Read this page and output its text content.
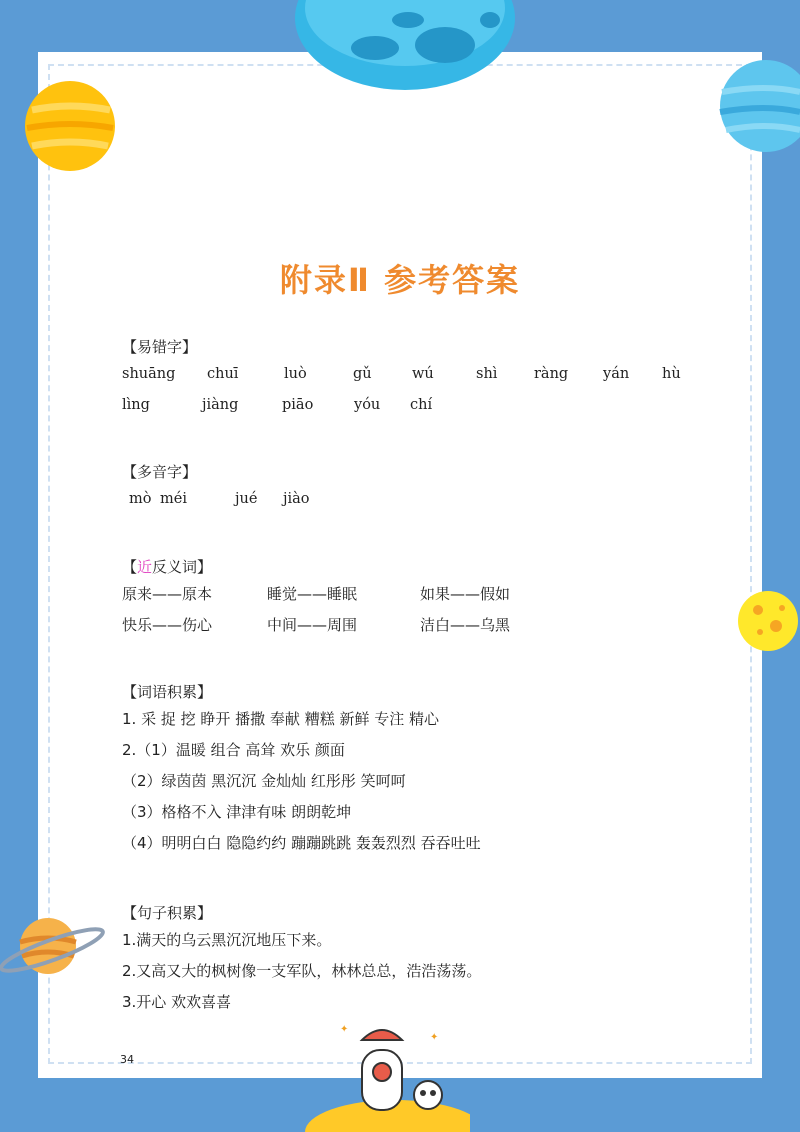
✦
✦
附录Ⅱ 参考答案
【易错字】
shuāng chuī	luò	gǔ	wú	shì	ràng yán hù
lìng	jiàng	piāo	yóu chí
【多音字】
mò méi	jué jiào
【近反义词】
原来——原本	睡觉——睡眠	如果——假如
快乐——伤心	中间——周围	洁白——乌黑
【词语积累】
1. 采 捉 挖 睁开 播撒 奉献 糟糕 新鲜 专注 精心
2.（1）温暖 组合 高耸 欢乐 颜面
（2）绿茵茵 黑沉沉 金灿灿 红彤彤 笑呵呵
（3）格格不入 津津有味 朗朗乾坤
（4）明明白白 隐隐约约 蹦蹦跳跳 轰轰烈烈 吞吞吐吐
【句子积累】
1.满天的乌云黑沉沉地压下来。
2.又高又大的枫树像一支军队，林林总总，浩浩荡荡。
3.开心 欢欢喜喜
34
